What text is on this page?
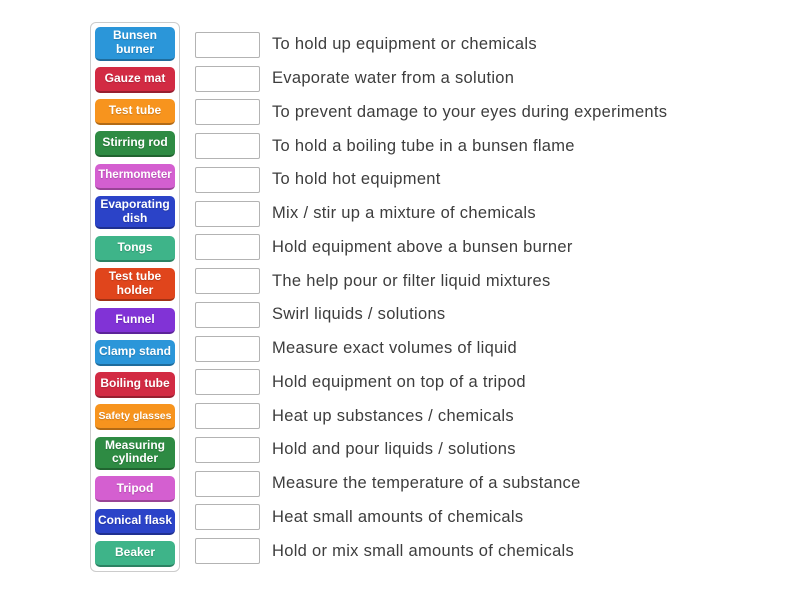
Bunsen burner
Gauze mat
Test tube
Stirring rod
Thermometer
Evaporating dish
Tongs
Test tube holder
Funnel
Clamp stand
Boiling tube
Safety glasses
Measuring cylinder
Tripod
Conical flask
Beaker
To hold up equipment or chemicals
Evaporate water from a solution
To prevent damage to your eyes during experiments
To hold a boiling tube in a bunsen flame
To hold hot equipment
Mix / stir up a mixture of chemicals
Hold equipment above a bunsen burner
The help pour or filter liquid mixtures
Swirl liquids / solutions
Measure exact volumes of liquid
Hold equipment on top of a tripod
Heat up substances / chemicals
Hold and pour liquids / solutions
Measure the temperature of a substance
Heat small amounts of chemicals
Hold or mix small amounts of chemicals
